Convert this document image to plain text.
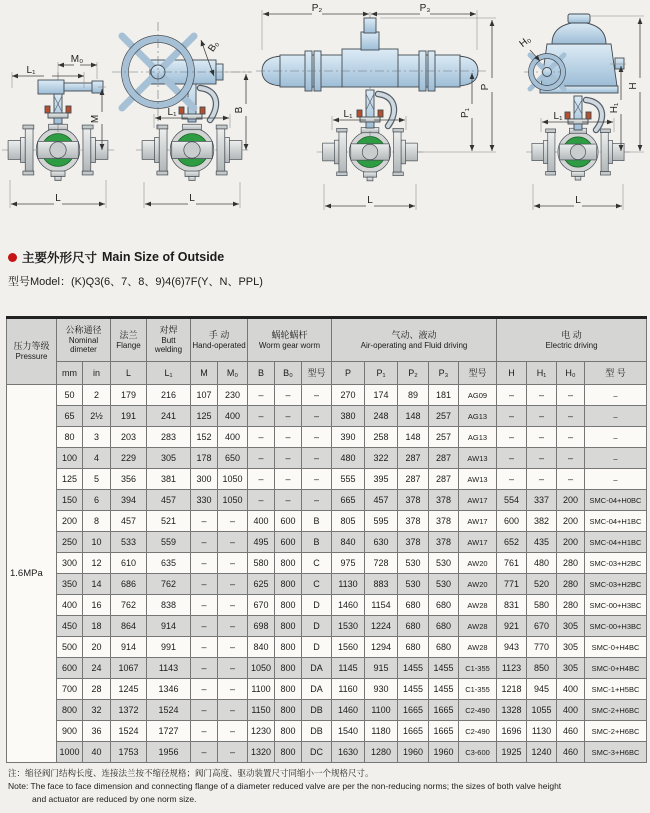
M₀
L₁
M
L
B₀
L₁	B
L
P₂	P₃
P
P₁
L₁
L
H₀
H
H₁
L₁
L
主要外形尺寸 Main Size of Outside
型号Model：(K)Q3(6、7、8、9)4(6)7F(Y、N、PPL)
压力等级
Pressure

公称通径
Nominal dimeter

法兰
Flange

对焊
Butt welding

手 动
Hand-operated

蜗轮蜗杆
Worm gear worm

气动、液动
Air-operating and Fluid driving

电 动
Electric driving

	mm	in	L	L₁	M	M₀	B	B₀	型号	P	P₁	P₂	P₃	型号	H	H₁	H₀	型 号
1.6MPa	50	2	179	216	107	230	–	–	–	270	174	89	181	AG09	–	–	–	–
	65	2½	191	241	125	400	–	–	–	380	248	148	257	AG13	–	–	–	–
	80	3	203	283	152	400	–	–	–	390	258	148	257	AG13	–	–	–	–
	100	4	229	305	178	650	–	–	–	480	322	287	287	AW13	–	–	–	–
	125	5	356	381	300	1050	–	–	–	555	395	287	287	AW13	–	–	–	–
	150	6	394	457	330	1050	–	–	–	665	457	378	378	AW17	554	337	200	SMC-04+H0BC
	200	8	457	521	–	–	400	600	B	805	595	378	378	AW17	600	382	200	SMC-04+H1BC
	250	10	533	559	–	–	495	600	B	840	630	378	378	AW17	652	435	200	SMC-04+H1BC
	300	12	610	635	–	–	580	800	C	975	728	530	530	AW20	761	480	280	SMC-03+H2BC
	350	14	686	762	–	–	625	800	C	1130	883	530	530	AW20	771	520	280	SMC-03+H2BC
	400	16	762	838	–	–	670	800	D	1460	1154	680	680	AW28	831	580	280	SMC-00+H3BC
	450	18	864	914	–	–	698	800	D	1530	1224	680	680	AW28	921	670	305	SMC-00+H3BC
	500	20	914	991	–	–	840	800	D	1560	1294	680	680	AW28	943	770	305	SMC-0+H4BC
	600	24	1067	1143	–	–	1050	800	DA	1145	915	1455	1455	C1-355	1123	850	305	SMC-0+H4BC
	700	28	1245	1346	–	–	1100	800	DA	1160	930	1455	1455	C1-355	1218	945	400	SMC-1+H5BC
	800	32	1372	1524	–	–	1150	800	DB	1460	1100	1665	1665	C2-490	1328	1055	400	SMC-2+H6BC
	900	36	1524	1727	–	–	1230	800	DB	1540	1180	1665	1665	C2-490	1696	1130	460	SMC-2+H6BC
	1000	40	1753	1956	–	–	1320	800	DC	1630	1280	1960	1960	C3-600	1925	1240	460	SMC-3+H6BC
注：缩径阀门结构长度、连接法兰按不缩径规格；阀门高度、驱动装置尺寸同缩小一个规格尺寸。
Note: The face to face dimension and connecting flange of a diameter reduced valve are per the non-reducing norms; the sizes of both valve height
and actuator are reduced by one norm size.
